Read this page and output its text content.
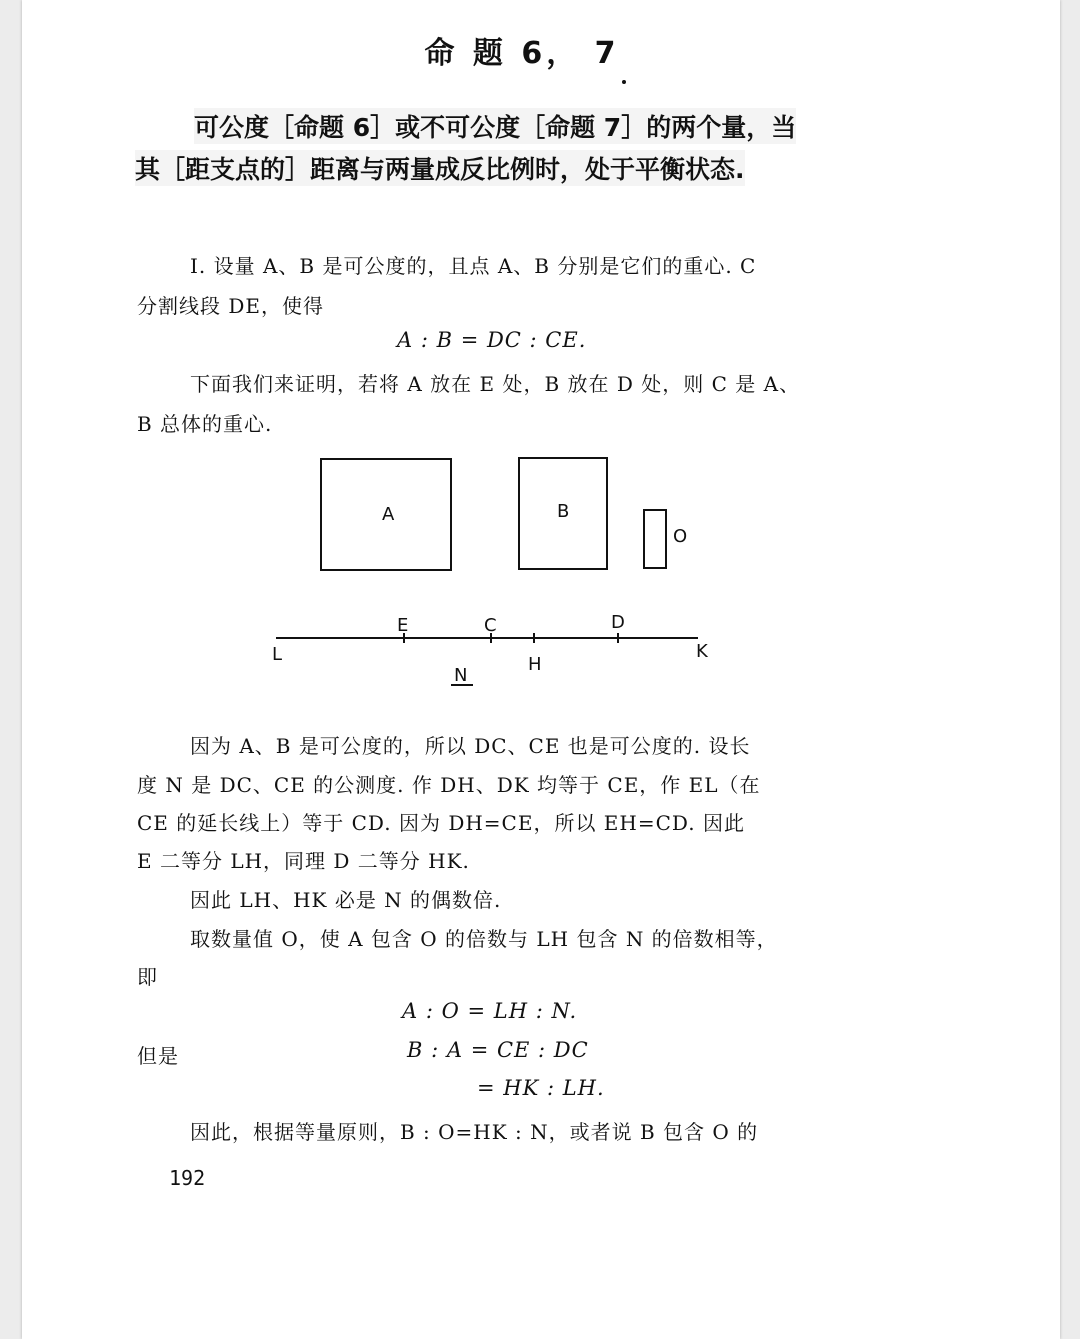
命 题 6， 7
可公度［命题 6］或不可公度［命题 7］的两个量，当
其［距支点的］距离与两量成反比例时，处于平衡状态.
I. 设量 A、B 是可公度的，且点 A、B 分别是它们的重心. C
分割线段 DE，使得
A : B = DC : CE.
下面我们来证明，若将 A 放在 E 处，B 放在 D 处，则 C 是 A、
B 总体的重心.
A	B
O
E	C	D
L	K
H
N
因为 A、B 是可公度的，所以 DC、CE 也是可公度的. 设长
度 N 是 DC、CE 的公测度. 作 DH、DK 均等于 CE，作 EL（在
CE 的延长线上）等于 CD. 因为 DH=CE，所以 EH=CD. 因此
E 二等分 LH，同理 D 二等分 HK.
因此 LH、HK 必是 N 的偶数倍.
取数量值 O，使 A 包含 O 的倍数与 LH 包含 N 的倍数相等，
即
A : O = LH : N.
但是	B : A = CE : DC
= HK : LH.
因此，根据等量原则，B : O=HK : N，或者说 B 包含 O 的
192
